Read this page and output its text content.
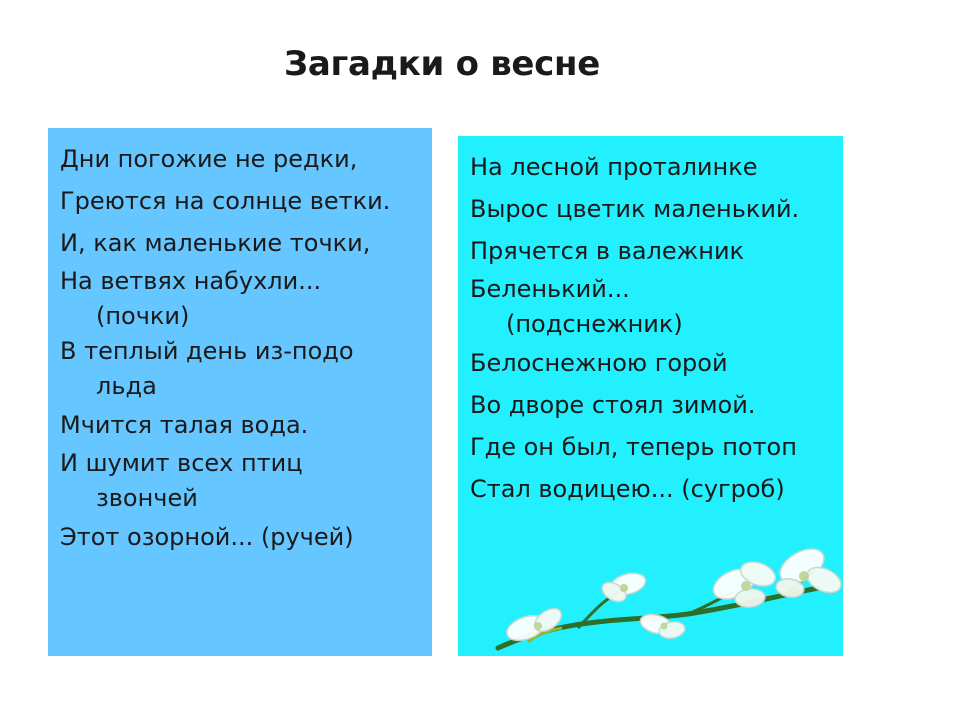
Загадки о весне
Дни погожие не редки,
Греются на солнце ветки.
И, как маленькие точки,
На ветвях набухли...
(почки)
В теплый день из-подо
льда
Мчится талая вода.
И шумит всех птиц
звончей
Этот озорной... (ручей)
На лесной проталинке
Вырос цветик маленький.
Прячется в валежник
Беленький...
(подснежник)
Белоснежною горой
Во дворе стоял зимой.
Где он был, теперь потоп
Стал водицею... (сугроб)
